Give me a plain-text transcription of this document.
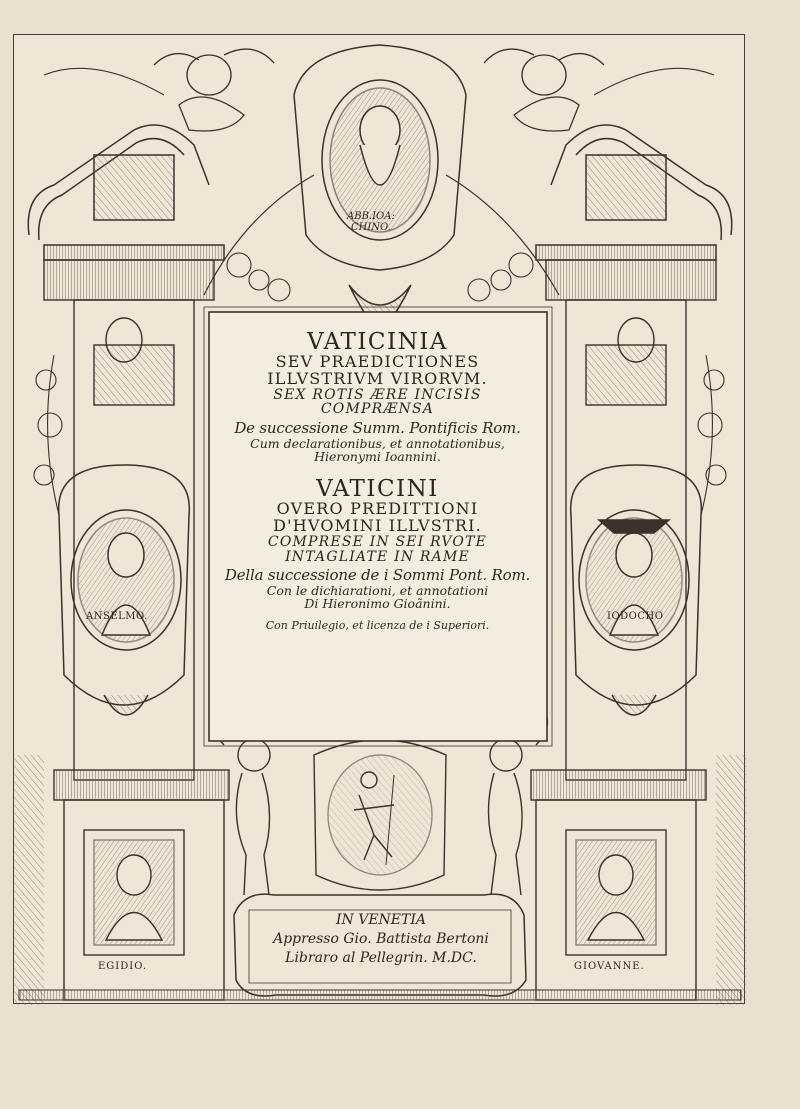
ABB.IOA:
CHINO.
VATICINIA
SEV PRAEDICTIONES
ILLVSTRIVM VIRORVM.
SEX ROTIS ÆRE INCISIS
COMPRÆNSA
De successione Summ. Pontificis Rom.
Cum declarationibus, et annotationibus,
Hieronymi Ioannini.
VATICINI
OVERO PREDITTIONI
D'HVOMINI ILLVSTRI.
COMPRESE IN SEI RVOTE
INTAGLIATE IN RAME
Della successione de i Sommi Pont. Rom.
Con le dichiarationi, et annotationi
Di Hieronimo Gioãnini.
Con Priuilegio, et licenza de i Superiori.
ANSELMO.	IODOCHO
EGIDIO.	GIOVANNE.
IN VENETIA
Appresso Gio. Battista Bertoni
Libraro al Pellegrin. M.DC.
